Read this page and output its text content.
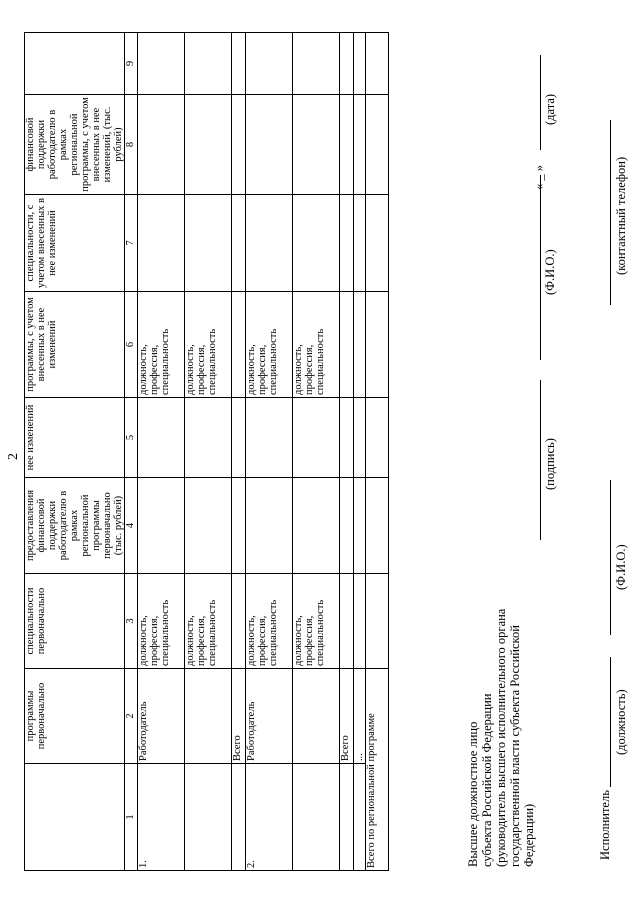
2
	программы первоначально	специальности первоначально	предоставления финансовой поддержки работодателю в рамках региональной программы первоначально (тыс. рублей)	нее изменений	программы, с учетом внесенных в нее изменений	специальности, с учетом внесенных в нее изменений	финансовой поддержки работодателю в рамках региональной программы, с учетом внесенных в нее изменений, (тыс. рублей)	
1	2	3	4	5	6	7	8	9
1.	Работодатель	должность, профессия, специальность			должность, профессия, специальность			
		должность, профессия, специальность			должность, профессия, специальность			
	Всего							
2.	Работодатель	должность, профессия, специальность			должность, профессия, специальность			
		должность, профессия, специальность			должность, профессия, специальность			
	Всего							
	...							
Всего по региональной программе									Высшее должностное лицо субъекта Российской Федерации (руководитель высшего исполнительного органа государственной власти субъекта Российской Федерации)
(подпись)
(Ф.И.О.)
« _ »
(дата)
Исполнитель
(должность)
(Ф.И.О.)
(контактный телефон)
